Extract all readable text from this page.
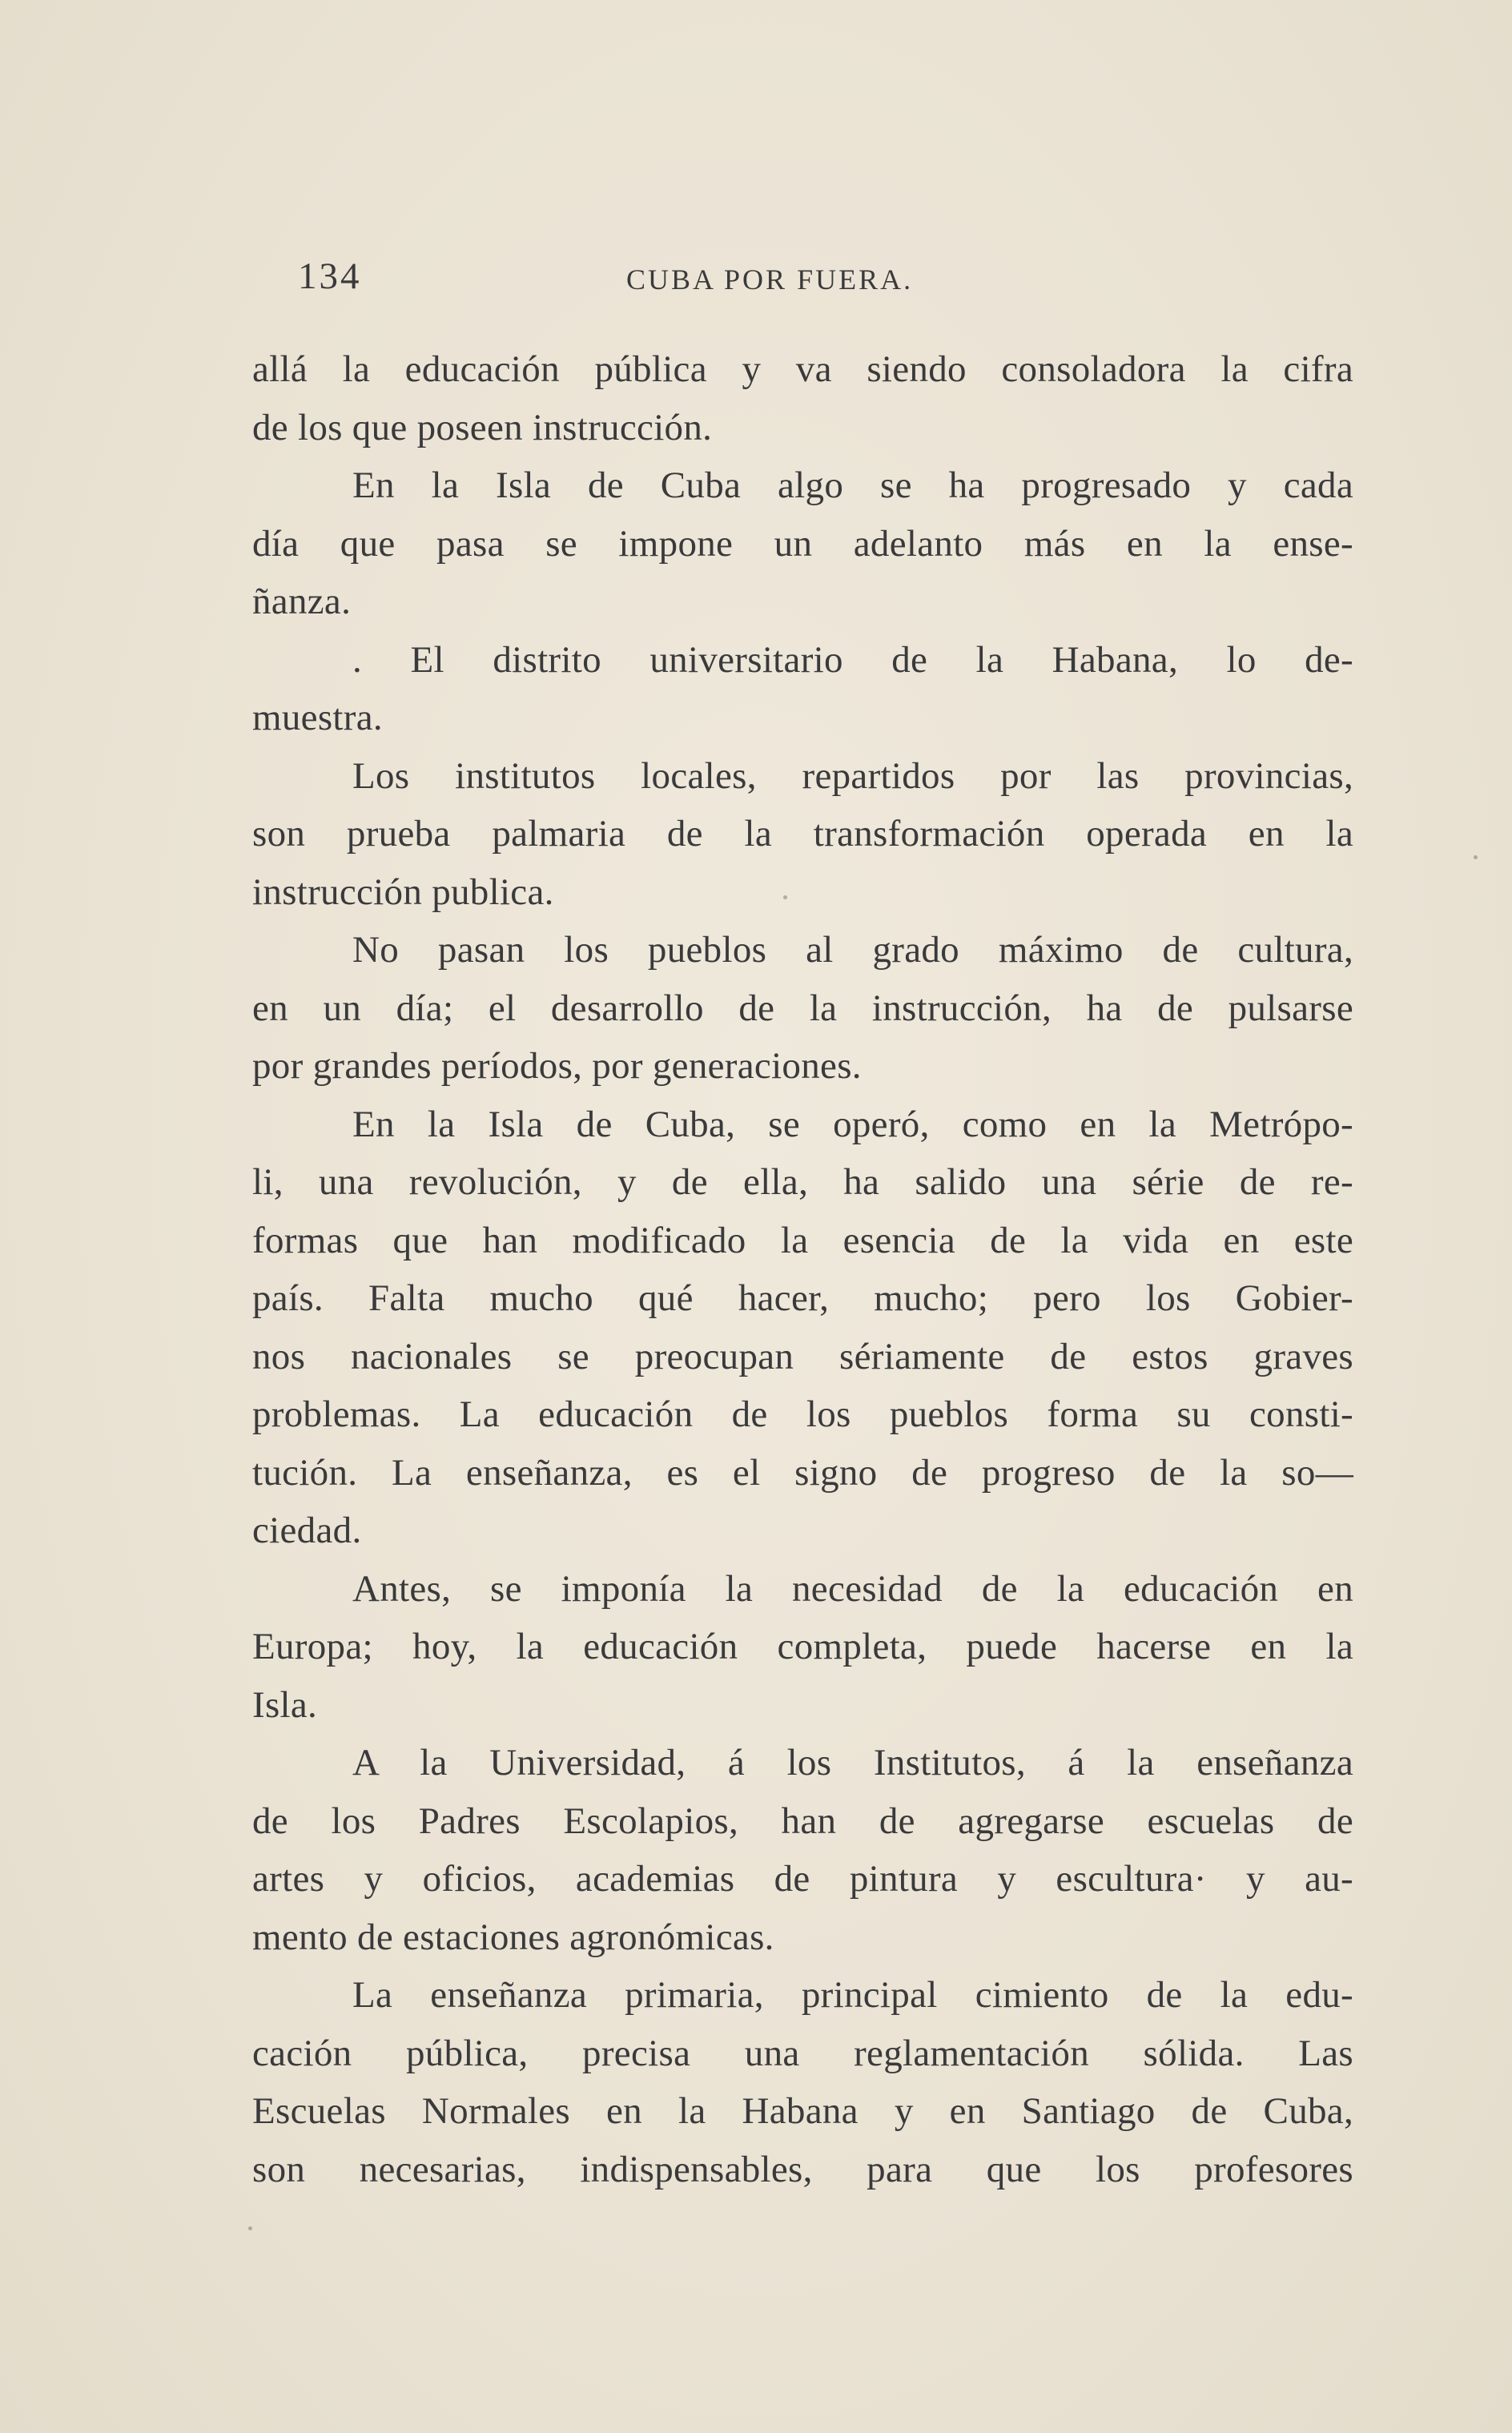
134	CUBA POR FUERA.
allá la educación pública y va siendo consoladora la cifra
de los que poseen instrucción.
En la Isla de Cuba algo se ha progresado y cada
día que pasa se impone un adelanto más en la ense-
ñanza.
. El distrito universitario de la Habana, lo de-
muestra.
Los institutos locales, repartidos por las provincias,
son prueba palmaria de la transformación operada en la
instrucción publica.
No pasan los pueblos al grado máximo de cultura,
en un día; el desarrollo de la instrucción, ha de pulsarse
por grandes períodos, por generaciones.
En la Isla de Cuba, se operó, como en la Metrópo-
li, una revolución, y de ella, ha salido una série de re-
formas que han modificado la esencia de la vida en este
país. Falta mucho qué hacer, mucho; pero los Gobier-
nos nacionales se preocupan sériamente de estos graves
problemas. La educación de los pueblos forma su consti-
tución. La enseñanza, es el signo de progreso de la so—
ciedad.
Antes, se imponía la necesidad de la educación en
Europa; hoy, la educación completa, puede hacerse en la
Isla.
A la Universidad, á los Institutos, á la enseñanza
de los Padres Escolapios, han de agregarse escuelas de
artes y oficios, academias de pintura y escultura· y au-
mento de estaciones agronómicas.
La enseñanza primaria, principal cimiento de la edu-
cación pública, precisa una reglamentación sólida. Las
Escuelas Normales en la Habana y en Santiago de Cuba,
son necesarias, indispensables, para que los profesores
